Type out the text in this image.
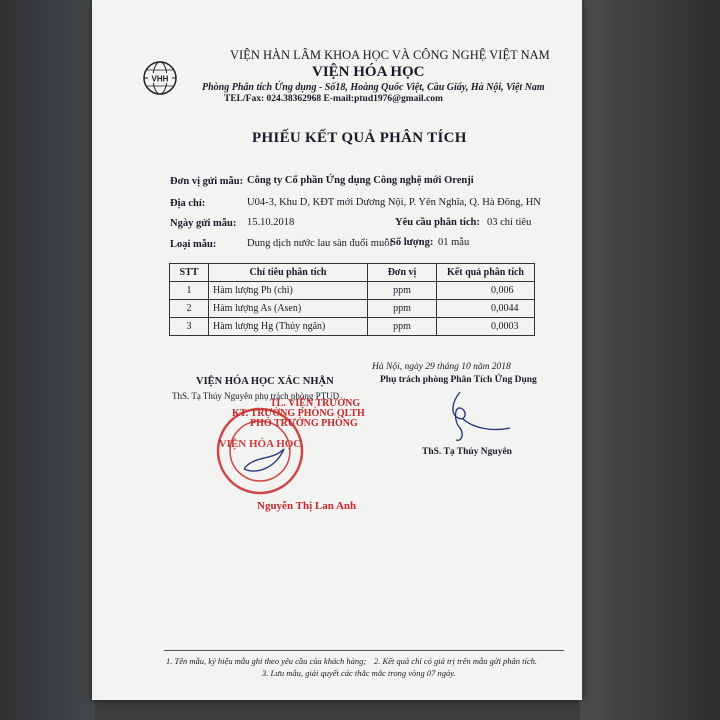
VHH
VIỆN HÀN LÂM KHOA HỌC VÀ CÔNG NGHỆ VIỆT NAM
VIỆN HÓA HỌC
Phòng Phân tích Ứng dụng - Số18, Hoàng Quốc Việt, Cầu Giấy, Hà Nội, Việt Nam
TEL/Fax: 024.38362968 E-mail:ptud1976@gmail.com
PHIẾU KẾT QUẢ PHÂN TÍCH
Đơn vị gửi mẫu: Công ty Cổ phần Ứng dụng Công nghệ mới Orenji
Địa chỉ:	U04-3, Khu D, KĐT mới Dương Nội, P. Yên Nghĩa, Q. Hà Đông, HN
Ngày gửi mẫu: 15.10.2018	Yêu cầu phân tích: 03 chỉ tiêu
Loại mẫu:	Dung dịch nước lau sàn đuổi muỗi
Số lượng: 01 mẫu
STT	Chỉ tiêu phân tích	Đơn vị	Kết quả phân tích
1	Hàm lượng Pb (chì)	ppm	0,006
2	Hàm lượng As (Asen)	ppm	0,0044
3	Hàm lượng Hg (Thủy ngân)	ppm	0,0003
Hà Nội, ngày 29 tháng 10 năm 2018
Phụ trách phòng Phân Tích Ứng Dụng
ThS. Tạ Thúy Nguyên
VIỆN HÓA HỌC XÁC NHẬN
ThS. Tạ Thúy Nguyên phụ trách phòng PTUD
TL. VIỆN TRƯỞNG
KT. TRƯỞNG PHÒNG QLTH
PHÓ TRƯỞNG PHÒNG
VIỆN HÓA HỌC
Nguyễn Thị Lan Anh
1. Tên mẫu, ký hiệu mẫu ghi theo yêu cầu của khách hàng; 2. Kết quả chỉ có giá trị trên mẫu gửi phân tích.
3. Lưu mẫu, giải quyết các thắc mắc trong vòng 07 ngày.
